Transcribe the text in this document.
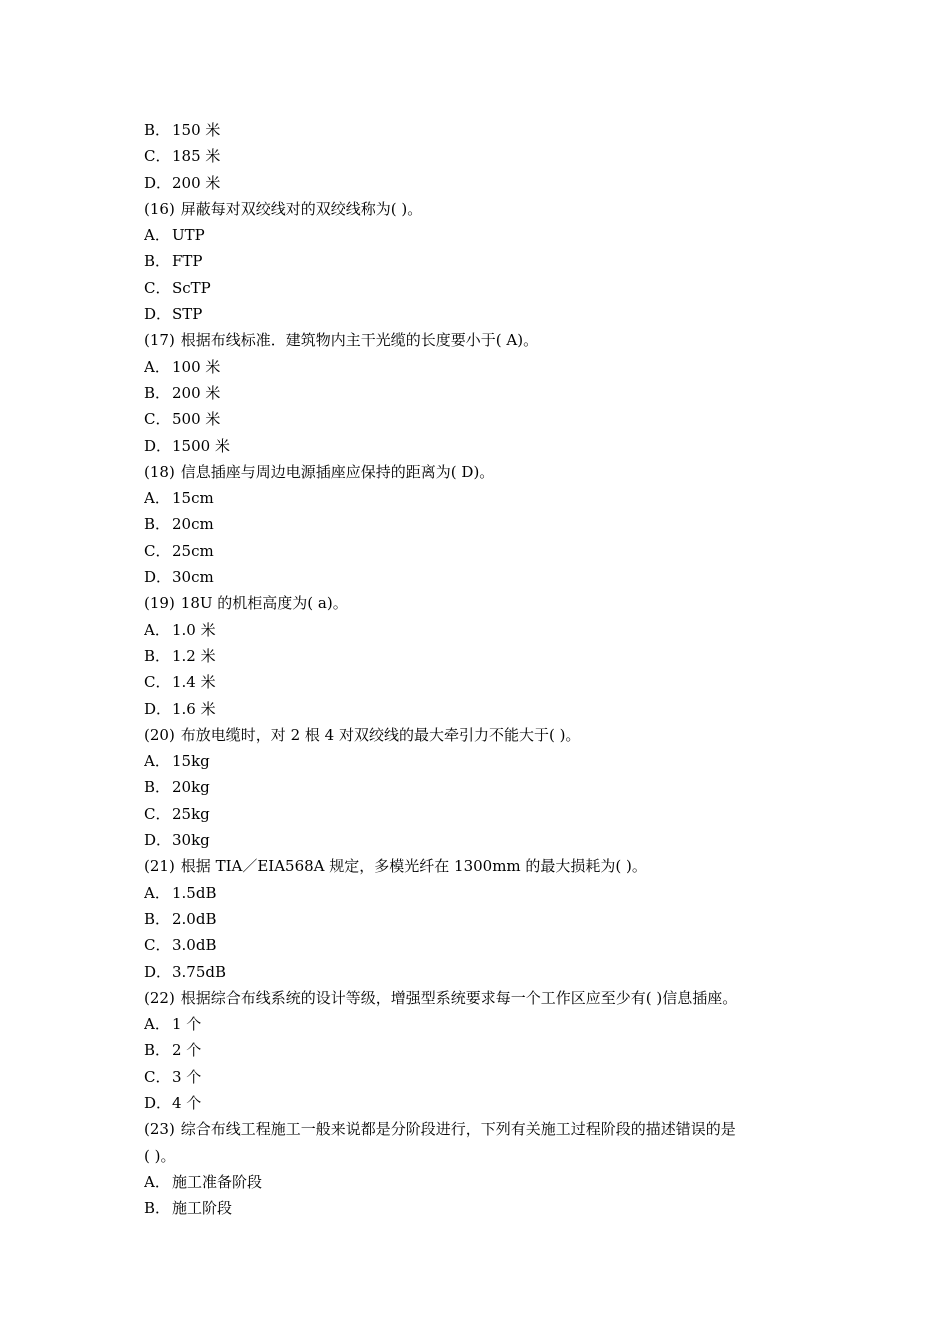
B． 150 米
C． 185 米
D．200 米
(16) 屏蔽每对双绞线对的双绞线称为( )。
A． UTP
B． FTP
C． ScTP
D．STP
(17) 根据布线标准．建筑物内主干光缆的长度要小于( A)。
A． 100 米
B． 200 米
C． 500 米
D．1500 米
(18) 信息插座与周边电源插座应保持的距离为( D)。
A． 15cm
B． 20cm
C． 25cm
D．30cm
(19) 18U 的机柜高度为( a)。
A． 1.0 米
B． 1.2 米
C． 1.4 米
D．1.6 米
(20) 布放电缆时，对 2 根 4 对双绞线的最大牵引力不能大于( )。
A． 15kg
B． 20kg
C． 25kg
D．30kg
(21) 根据 TIA／EIA568A 规定，多模光纤在 1300mm 的最大损耗为( )。
A． 1.5dB
B． 2.0dB
C． 3.0dB
D．3.75dB
(22) 根据综合布线系统的设计等级，增强型系统要求每一个工作区应至少有( )信息插座。
A． 1 个
B． 2 个
C． 3 个
D．4 个
(23) 综合布线工程施工一般来说都是分阶段进行，下列有关施工过程阶段的描述错误的是
( )。
A． 施工准备阶段
B． 施工阶段
